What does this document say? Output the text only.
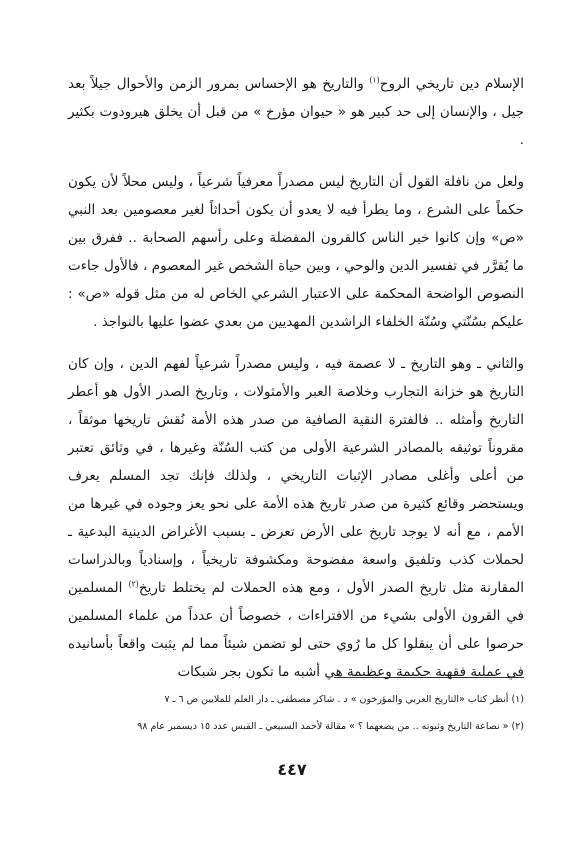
الإسلام دين تاريخي الروح$^{(١)}$ والتاريخ هو الإحساس بمرور الزمن والأحوال جيلاً بعد جيل ، والإنسان إلى حد كبير هو « حيوان مؤرخ » من قبل أن يخلق هيرودوت بكثير .

ولعل من نافلة القول أن التاريخ ليس مصدراً معرفياً شرعياً ، وليس محلاً لأن يكون حكماً على الشرع ، وما يطرأ فيه لا يعدو أن يكون أحداثاً لغير معصومين بعد النبي «ص» وإن كانوا خير الناس كالقرون المفضلة وعلى رأسهم الصحابة .. ففرق بين ما يُقرَّر في تفسير الدين والوحي ، وبين حياة الشخص غير المعصوم ، فالأول جاءت النصوص الواضحة المحكمة على الاعتبار الشرعي الخاص له من مثل قوله «ص» : عليكم بسُنّتي وسُنّة الخلفاء الراشدين المهديين من بعدي عضوا عليها بالنواجذ .

والثاني ـ وهو التاريخ ـ لا عصمة فيه ، وليس مصدراً شرعياً لفهم الدين ، وإن كان التاريخ هو خزانة التجارب وخلاصة العبر والأمثولات ، وتاريخ الصدر الأول هو أعطر التاريخ وأمثله .. فالفترة النقية الصافية من صدر هذه الأمة نُقش تاريخها موثقاً ، مقروناً توثيقه بالمصادر الشرعية الأولى من كتب السُنّة وغيرها ، في وثائق تعتبر من أعلى وأغلى مصادر الإثبات التاريخي ، ولذلك فإنك تجد المسلم يعرف ويستحضر وقائع كثيرة من صدر تاريخ هذه الأمة على نحو يعز وجوده في غيرها من الأمم ، مع أنه لا يوجد تاريخ على الأرض تعرض ـ بسبب الأغراض الدينية البدعية ـ لحملات كذب وتلفيق واسعة مفضوحة ومكشوفة تاريخياً ، وإسنادياً وبالدراسات المقارنة مثل تاريخ الصدر الأول ، ومع هذه الحملات لم يختلط تاريخ$^{(٢)}$ المسلمين في القرون الأولى بشيء من الافتراءات ، خصوصاً أن عدداً من علماء المسلمين حرصوا على أن ينقلوا كل ما رُوي حتى لو تضمن شيئاً مما لم يثبت واقعاً بأسانيده في عملية فقهية حكيمة وعظيمة هي أشبه ما تكون بجر شبكات

(١) أنظر كتاب «التاريخ العربي والمؤرخون » د . شاكر مصطفى ـ دار العلم للملايين ص ٦ ـ ٧

(٢) « نصاعة التاريخ وثبوته .. من يضعهما ؟ » مقالة لأحمد السبيعي ـ القبس عدد ١٥ ديسمبر عام ٩٨

٤٤٧
